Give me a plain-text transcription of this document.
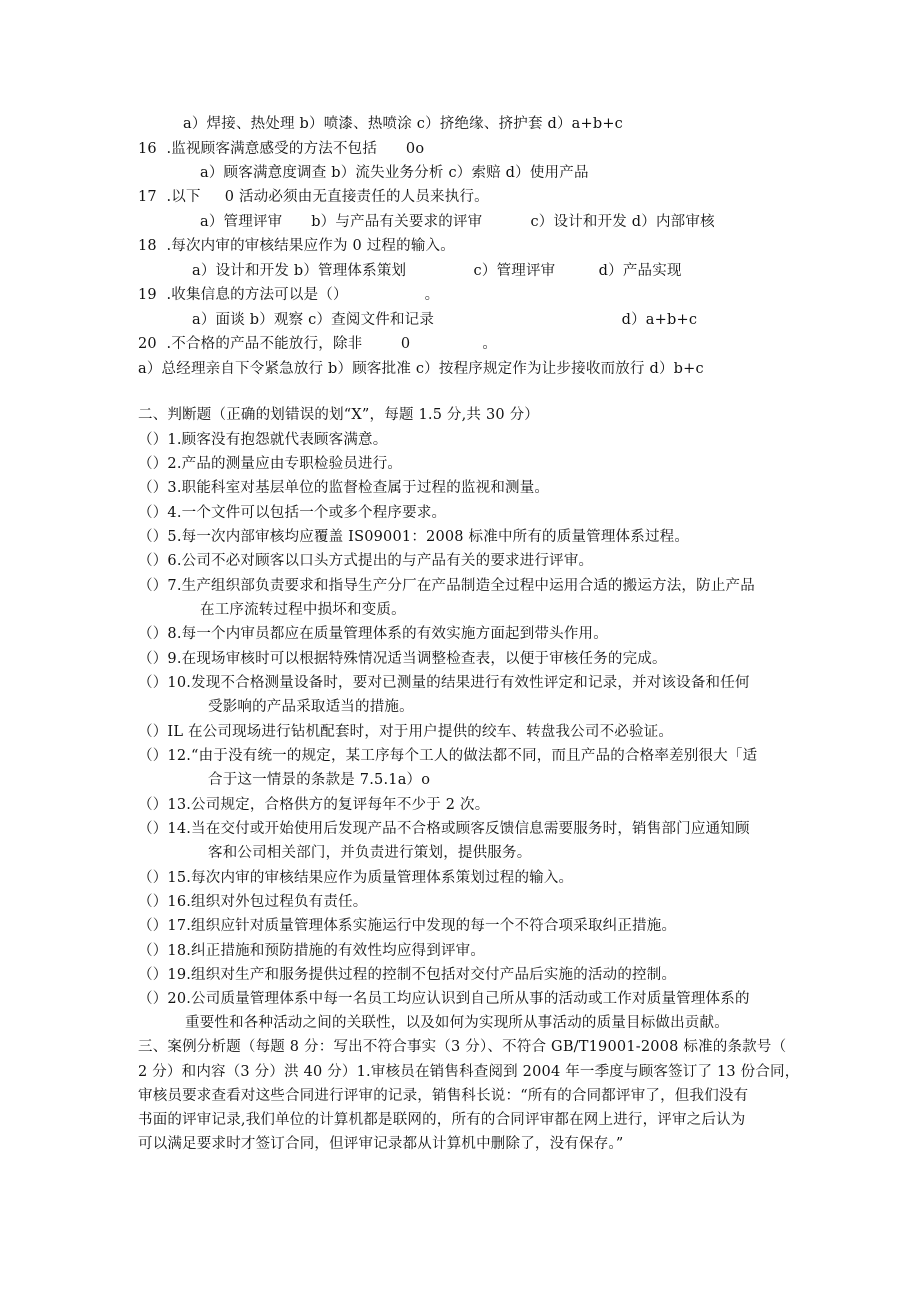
a）焊接、热处理 b）喷漆、热喷涂 c）挤绝缘、挤护套 d）a+b+c
16  .监视顾客满意感受的方法不包括      0o
a）顾客满意度调查 b）流失业务分析 c）索赔 d）使用产品
17  .以下     0 活动必须由无直接责任的人员来执行。
a）管理评审      b）与产品有关要求的评审          c）设计和开发 d）内部审核
18  .每次内审的审核结果应作为 0 过程的输入。
a）设计和开发 b）管理体系策划              c）管理评审         d）产品实现
19  .收集信息的方法可以是（）                。
a）面谈 b）观察 c）查阅文件和记录                                       d）a+b+c
20  .不合格的产品不能放行，除非        0               。
a）总经理亲自下令紧急放行 b）顾客批准 c）按程序规定作为让步接收而放行 d）b+c
二、判断题（正确的划错误的划“X”，每题 1.5 分,共 30 分）
（）1.顾客没有抱怨就代表顾客满意。
（）2.产品的测量应由专职检验员进行。
（）3.职能科室对基层单位的监督检查属于过程的监视和测量。
（）4.一个文件可以包括一个或多个程序要求。
（）5.每一次内部审核均应覆盖 IS09001：2008 标准中所有的质量管理体系过程。
（）6.公司不必对顾客以口头方式提出的与产品有关的要求进行评审。
（）7.生产组织部负责要求和指导生产分厂在产品制造全过程中运用合适的搬运方法，防止产品
在工序流转过程中损坏和变质。
（）8.每一个内审员都应在质量管理体系的有效实施方面起到带头作用。
（）9.在现场审核时可以根据特殊情况适当调整检查表，以便于审核任务的完成。
（）10.发现不合格测量设备时，要对已测量的结果进行有效性评定和记录，并对该设备和任何
受影响的产品采取适当的措施。
（）IL 在公司现场进行钻机配套时，对于用户提供的绞车、转盘我公司不必验证。
（）12.“由于没有统一的规定，某工序每个工人的做法都不同，而且产品的合格率差别很大「适
合于这一情景的条款是 7.5.1a）o
（）13.公司规定，合格供方的复评每年不少于 2 次。
（）14.当在交付或开始使用后发现产品不合格或顾客反馈信息需要服务时，销售部门应通知顾
客和公司相关部门，并负责进行策划，提供服务。
（）15.每次内审的审核结果应作为质量管理体系策划过程的输入。
（）16.组织对外包过程负有责任。
（）17.组织应针对质量管理体系实施运行中发现的每一个不符合项采取纠正措施。
（）18.纠正措施和预防措施的有效性均应得到评审。
（）19.组织对生产和服务提供过程的控制不包括对交付产品后实施的活动的控制。
（）20.公司质量管理体系中每一名员工均应认识到自己所从事的活动或工作对质量管理体系的
重要性和各种活动之间的关联性，以及如何为实现所从事活动的质量目标做出贡献。
三、案例分析题（每题 8 分：写出不符合事实（3 分）、不符合 GB/T19001-2008 标准的条款号（
2 分）和内容（3 分）洪 40 分）1.审核员在销售科查阅到 2004 年一季度与顾客签订了 13 份合同，
审核员要求查看对这些合同进行评审的记录，销售科长说：“所有的合同都评审了，但我们没有
书面的评审记录,我们单位的计算机都是联网的，所有的合同评审都在网上进行，评审之后认为
可以满足要求时才签订合同，但评审记录都从计算机中删除了，没有保存。”
